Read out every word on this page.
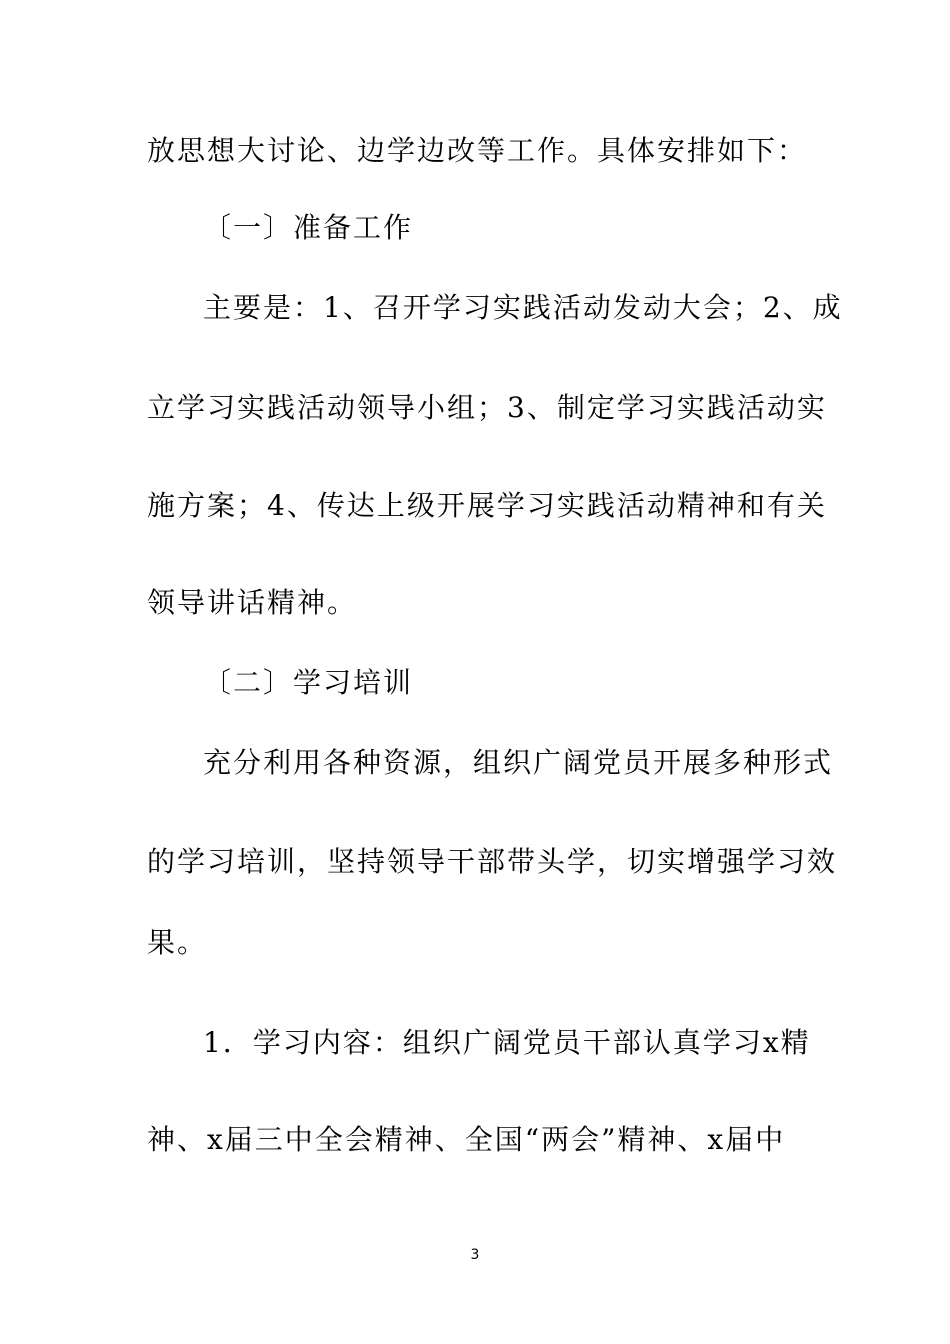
放思想大讨论、边学边改等工作。具体安排如下：
〔一〕准备工作
主要是：1、召开学习实践活动发动大会；2、成
立学习实践活动领导小组；3、制定学习实践活动实
施方案；4、传达上级开展学习实践活动精神和有关
领导讲话精神。
〔二〕学习培训
充分利用各种资源，组织广阔党员开展多种形式
的学习培训，坚持领导干部带头学，切实增强学习效
果。
1．学习内容：组织广阔党员干部认真学习x精
神、x届三中全会精神、全国“两会”精神、x届中
3
